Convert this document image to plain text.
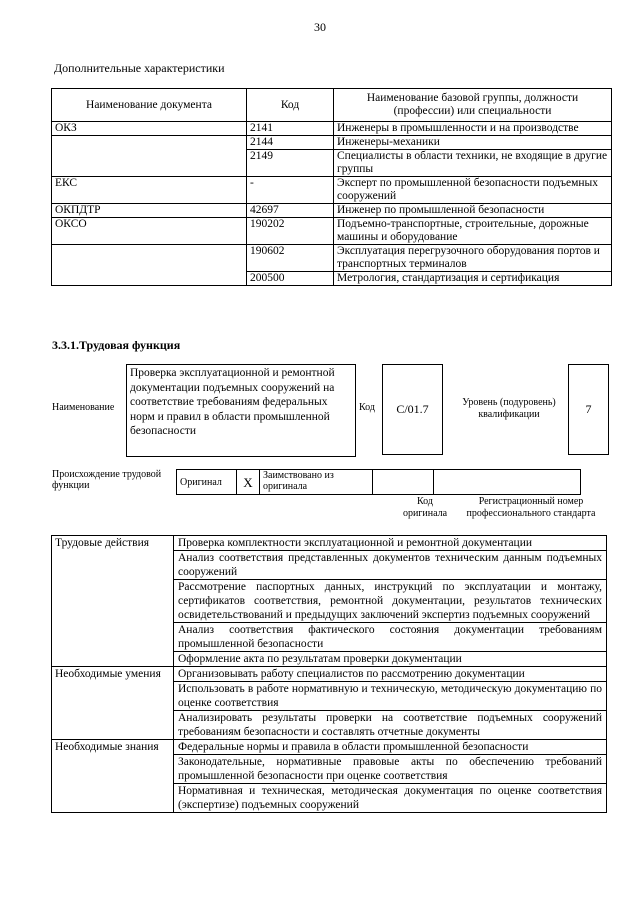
30
Дополнительные характеристики
Наименование документа	Код	Наименование базовой группы, должности (профессии) или специальности
ОКЗ	2141	Инженеры в промышленности и на производстве
	2144	Инженеры-механики
	2149	Специалисты в области техники, не входящие в другие группы
ЕКС	-	Эксперт по промышленной безопасности подъемных сооружений
ОКПДТР	42697	Инженер по промышленной безопасности
ОКСО	190202	Подъемно-транспортные, строительные, дорожные машины и оборудование
	190602	Эксплуатация перегрузочного оборудования портов и транспортных терминалов
	200500	Метрология, стандартизация и сертификация
3.3.1.Трудовая функция
Наименование
Проверка эксплуатационной и ремонтной документации подъемных сооружений на соответствие требованиям федеральных норм и правил в области промышленной безопасности
Код	С/01.7	Уровень (подуровень) квалификации	7
Происхождение трудовой функции	Оригинал	X	Заимствовано из оригинала		
Код оригинала
Регистрационный номер профессионального стандарта
Трудовые действия	Проверка комплектности эксплуатационной и ремонтной документации
	Анализ соответствия представленных документов техническим данным подъемных сооружений
	Рассмотрение паспортных данных, инструкций по эксплуатации и монтажу, сертификатов соответствия, ремонтной документации, результатов технических освидетельствований и предыдущих заключений экспертиз подъемных сооружений
	Анализ соответствия фактического состояния документации требованиям промышленной безопасности
	Оформление акта по результатам проверки документации
Необходимые умения	Организовывать работу специалистов по рассмотрению документации
	Использовать в работе нормативную и техническую, методическую документацию по оценке соответствия
	Анализировать результаты проверки на соответствие подъемных сооружений требованиям безопасности и составлять отчетные документы
Необходимые знания	Федеральные нормы и правила в области промышленной безопасности
	Законодательные, нормативные правовые акты по обеспечению требований промышленной безопасности при оценке соответствия
	Нормативная и техническая, методическая документация по оценке соответствия (экспертизе) подъемных сооружений
